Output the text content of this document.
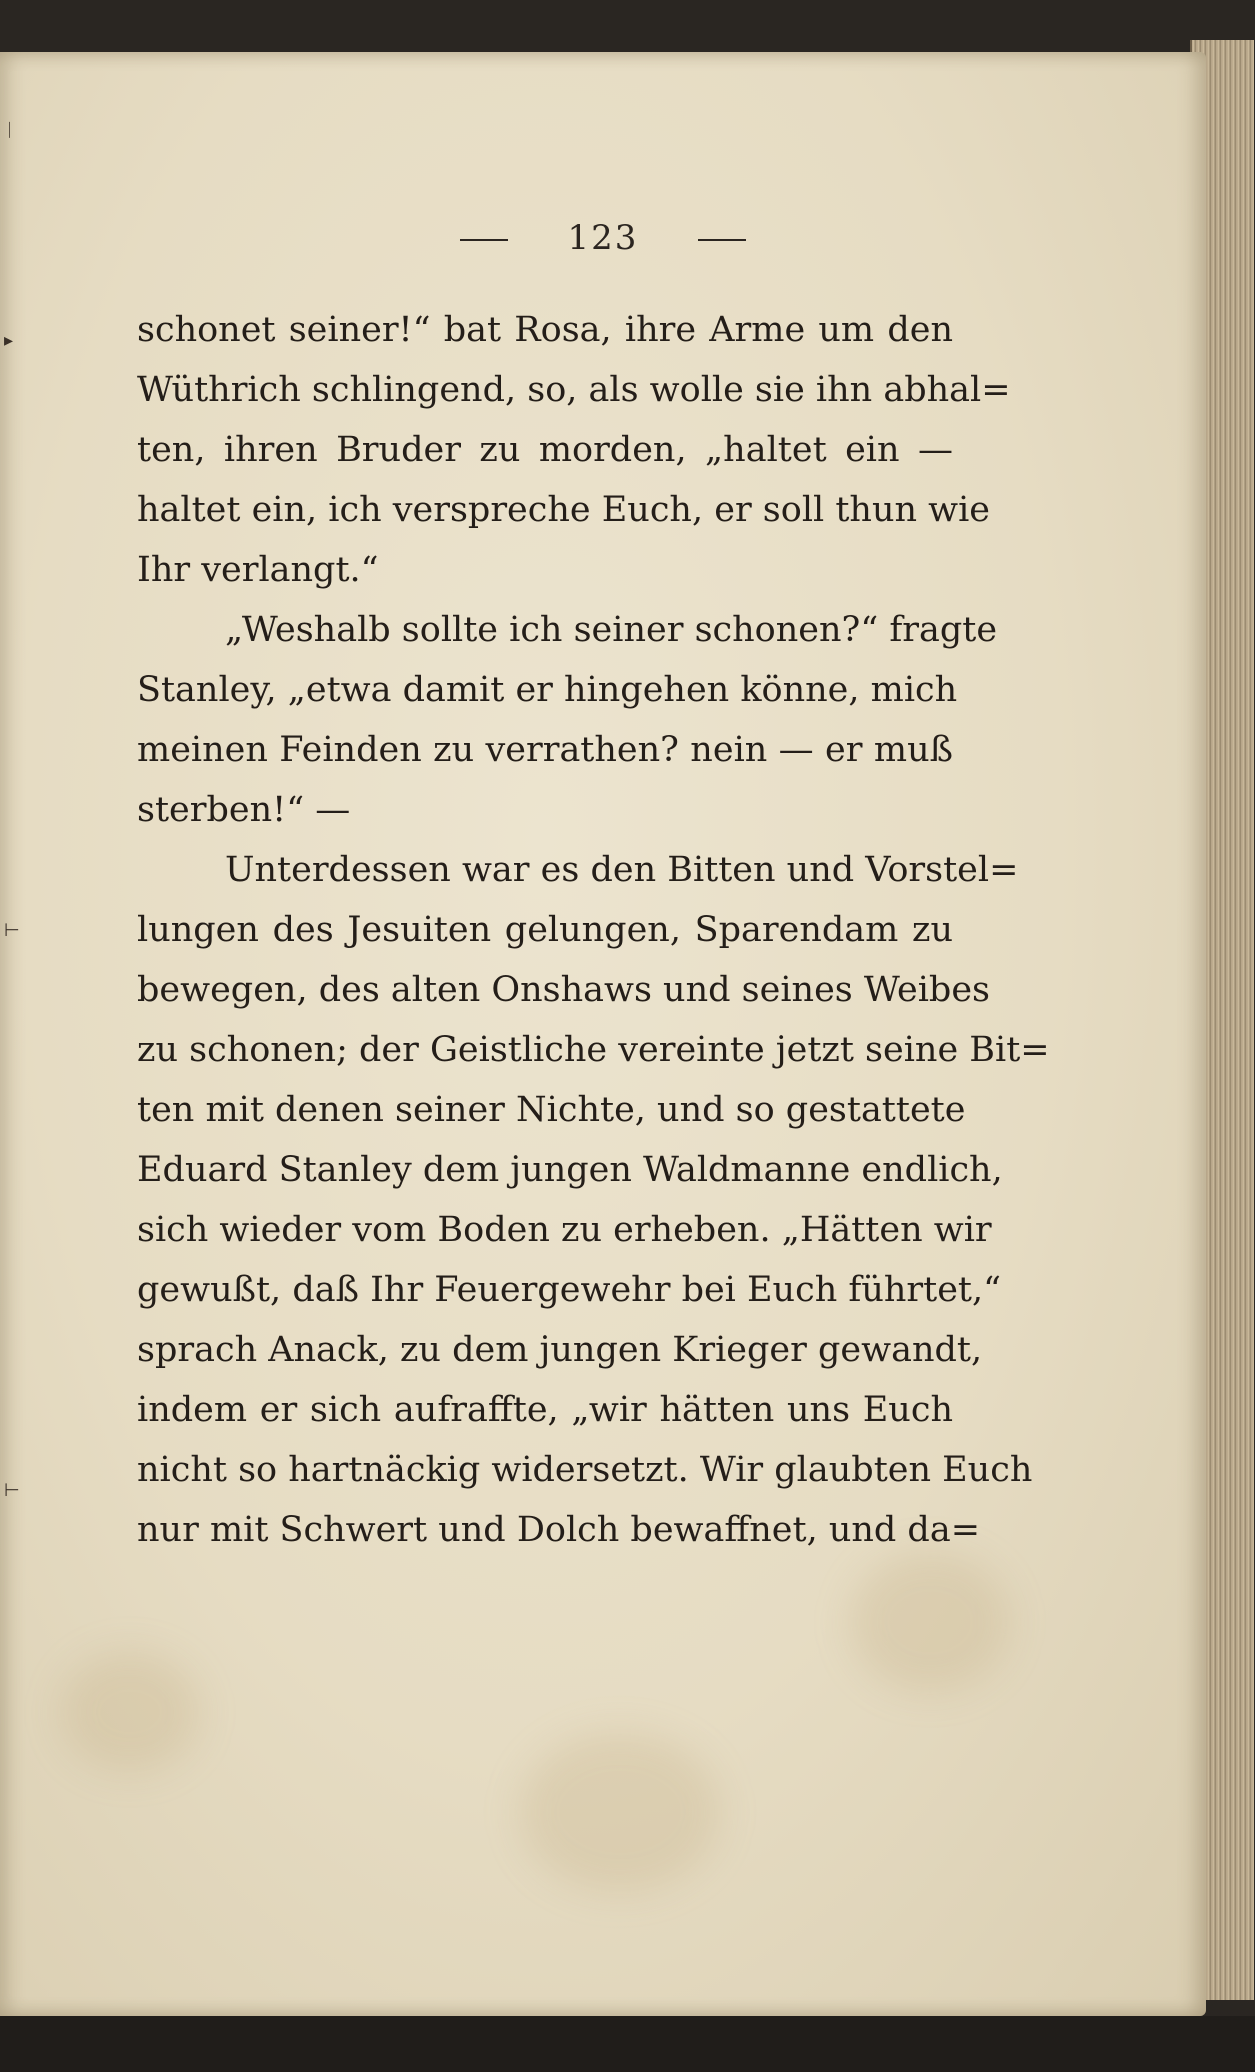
ᛁ
▸
⊢
⊢
123
schonet seiner!“ bat Rosa, ihre Arme um den
Wüthrich schlingend, so, als wolle sie ihn abhal=
ten, ihren Bruder zu morden, „haltet ein —
haltet ein, ich verspreche Euch, er soll thun wie
Ihr verlangt.“
„Weshalb sollte ich seiner schonen?“ fragte
Stanley, „etwa damit er hingehen könne, mich
meinen Feinden zu verrathen? nein — er muß
sterben!“ —
Unterdessen war es den Bitten und Vorstel=
lungen des Jesuiten gelungen, Sparendam zu
bewegen, des alten Onshaws und seines Weibes
zu schonen; der Geistliche vereinte jetzt seine Bit=
ten mit denen seiner Nichte, und so gestattete
Eduard Stanley dem jungen Waldmanne endlich,
sich wieder vom Boden zu erheben. „Hätten wir
gewußt, daß Ihr Feuergewehr bei Euch führtet,“
sprach Anack, zu dem jungen Krieger gewandt,
indem er sich aufraffte, „wir hätten uns Euch
nicht so hartnäckig widersetzt. Wir glaubten Euch
nur mit Schwert und Dolch bewaffnet, und da=
